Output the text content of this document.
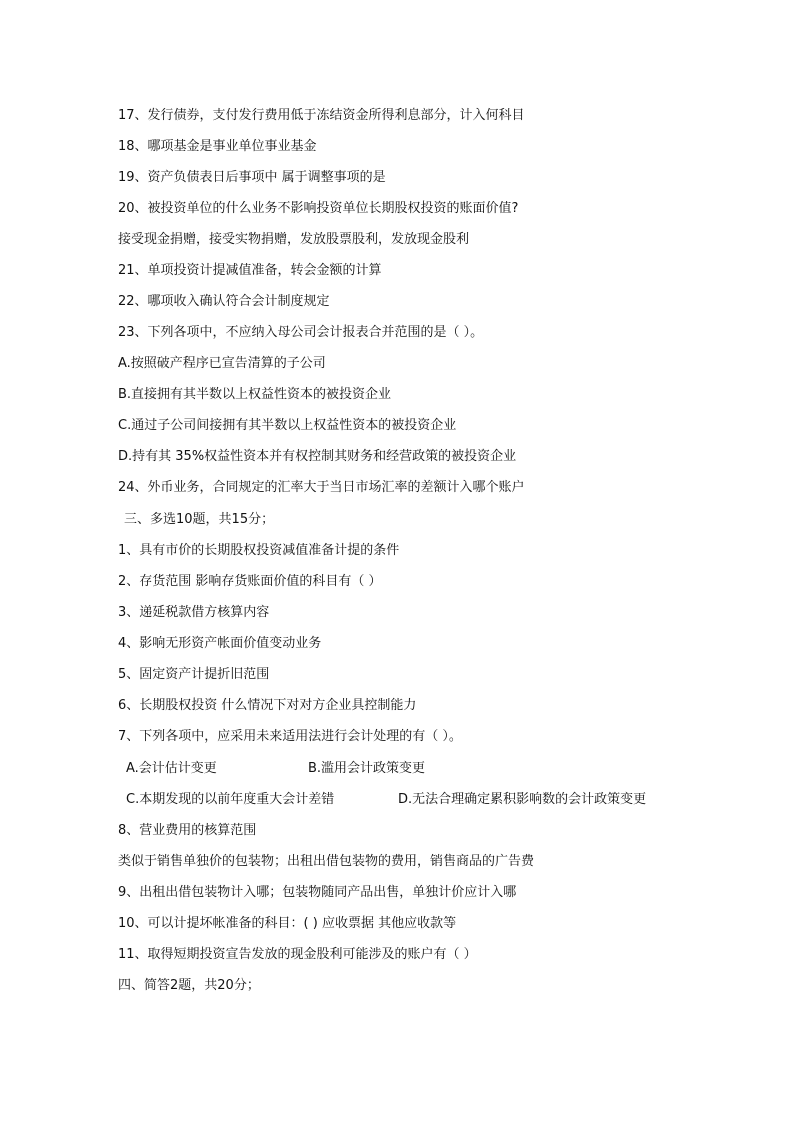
17、发行债券，支付发行费用低于冻结资金所得利息部分，计入何科目
18、哪项基金是事业单位事业基金
19、资产负债表日后事项中 属于调整事项的是
20、被投资单位的什么业务不影响投资单位长期股权投资的账面价值?
接受现金捐赠，接受实物捐赠，发放股票股利，发放现金股利
21、单项投资计提减值准备，转会金额的计算
22、哪项收入确认符合会计制度规定
23、下列各项中，不应纳入母公司会计报表合并范围的是（ ）。
A.按照破产程序已宣告清算的子公司
B.直接拥有其半数以上权益性资本的被投资企业
C.通过子公司间接拥有其半数以上权益性资本的被投资企业
D.持有其 35%权益性资本并有权控制其财务和经营政策的被投资企业
24、外币业务，合同规定的汇率大于当日市场汇率的差额计入哪个账户
三、多选10题，共15分；
1、具有市价的长期股权投资减值准备计提的条件
2、存货范围 影响存货账面价值的科目有（ ）
3、递延税款借方核算内容
4、影响无形资产帐面价值变动业务
5、固定资产计提折旧范围
6、长期股权投资 什么情况下对对方企业具控制能力
7、下列各项中，应采用未来适用法进行会计处理的有（ ）。
A.会计估计变更	B.滥用会计政策变更
C.本期发现的以前年度重大会计差错	D.无法合理确定累积影响数的会计政策变更
8、营业费用的核算范围
类似于销售单独价的包装物；出租出借包装物的费用，销售商品的广告费
9、出租出借包装物计入哪；包装物随同产品出售，单独计价应计入哪
10、可以计提坏帐准备的科目：( ) 应收票据 其他应收款等
11、取得短期投资宣告发放的现金股利可能涉及的账户有（ ）
四、简答2题，共20分；
